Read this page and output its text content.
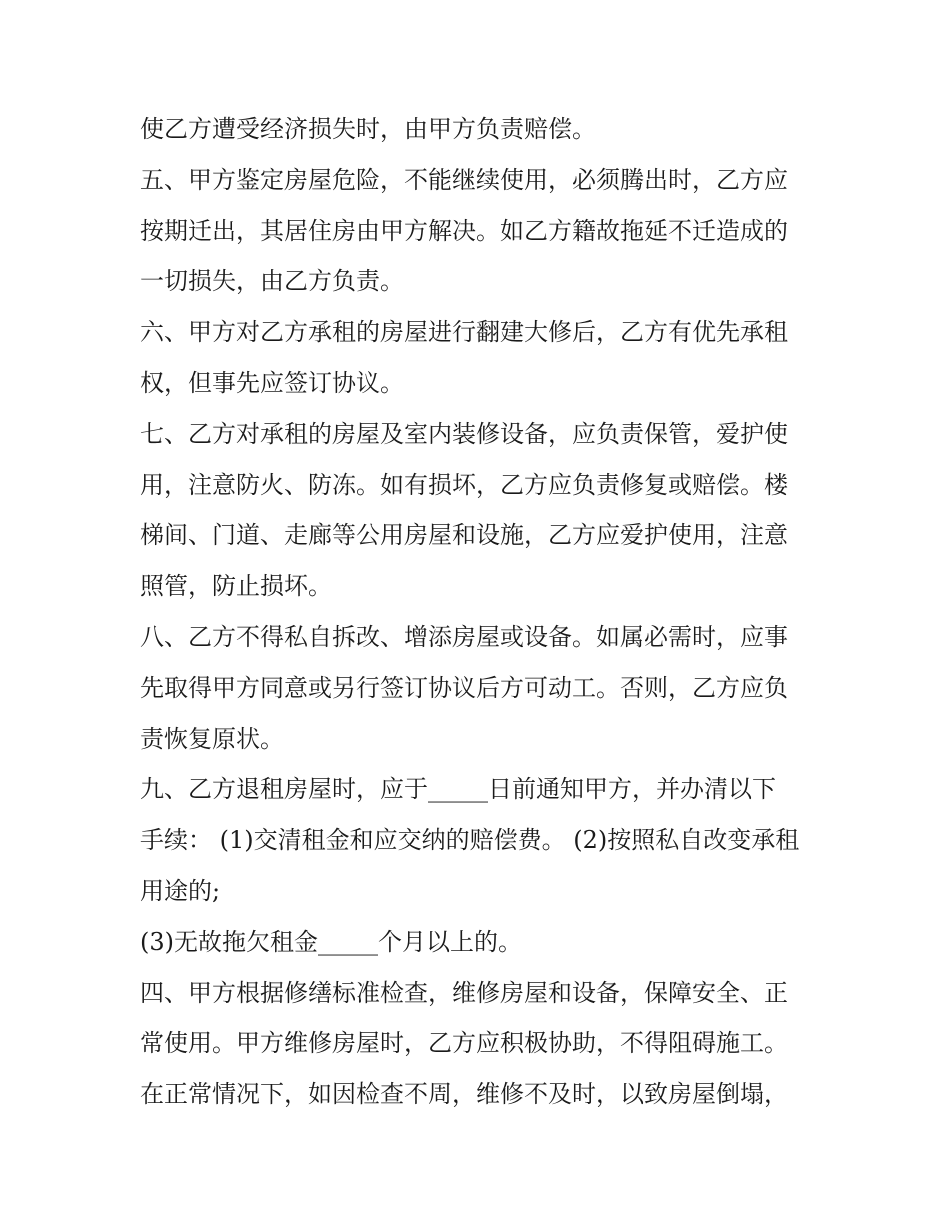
使乙方遭受经济损失时，由甲方负责赔偿。
五、甲方鉴定房屋危险，不能继续使用，必须腾出时，乙方应
按期迁出，其居住房由甲方解决。如乙方籍故拖延不迁造成的
一切损失，由乙方负责。
六、甲方对乙方承租的房屋进行翻建大修后，乙方有优先承租
权，但事先应签订协议。
七、乙方对承租的房屋及室内装修设备，应负责保管，爱护使
用，注意防火、防冻。如有损坏，乙方应负责修复或赔偿。楼
梯间、门道、走廊等公用房屋和设施，乙方应爱护使用，注意
照管，防止损坏。
八、乙方不得私自拆改、增添房屋或设备。如属必需时，应事
先取得甲方同意或另行签订协议后方可动工。否则，乙方应负
责恢复原状。
九、乙方退租房屋时，应于_____日前通知甲方，并办清以下
手续： (1)交清租金和应交纳的赔偿费。 (2)按照私自改变承租
用途的;
(3)无故拖欠租金_____个月以上的。
四、甲方根据修缮标准检查，维修房屋和设备，保障安全、正
常使用。甲方维修房屋时，乙方应积极协助，不得阻碍施工。
在正常情况下，如因检查不周，维修不及时，以致房屋倒塌，
